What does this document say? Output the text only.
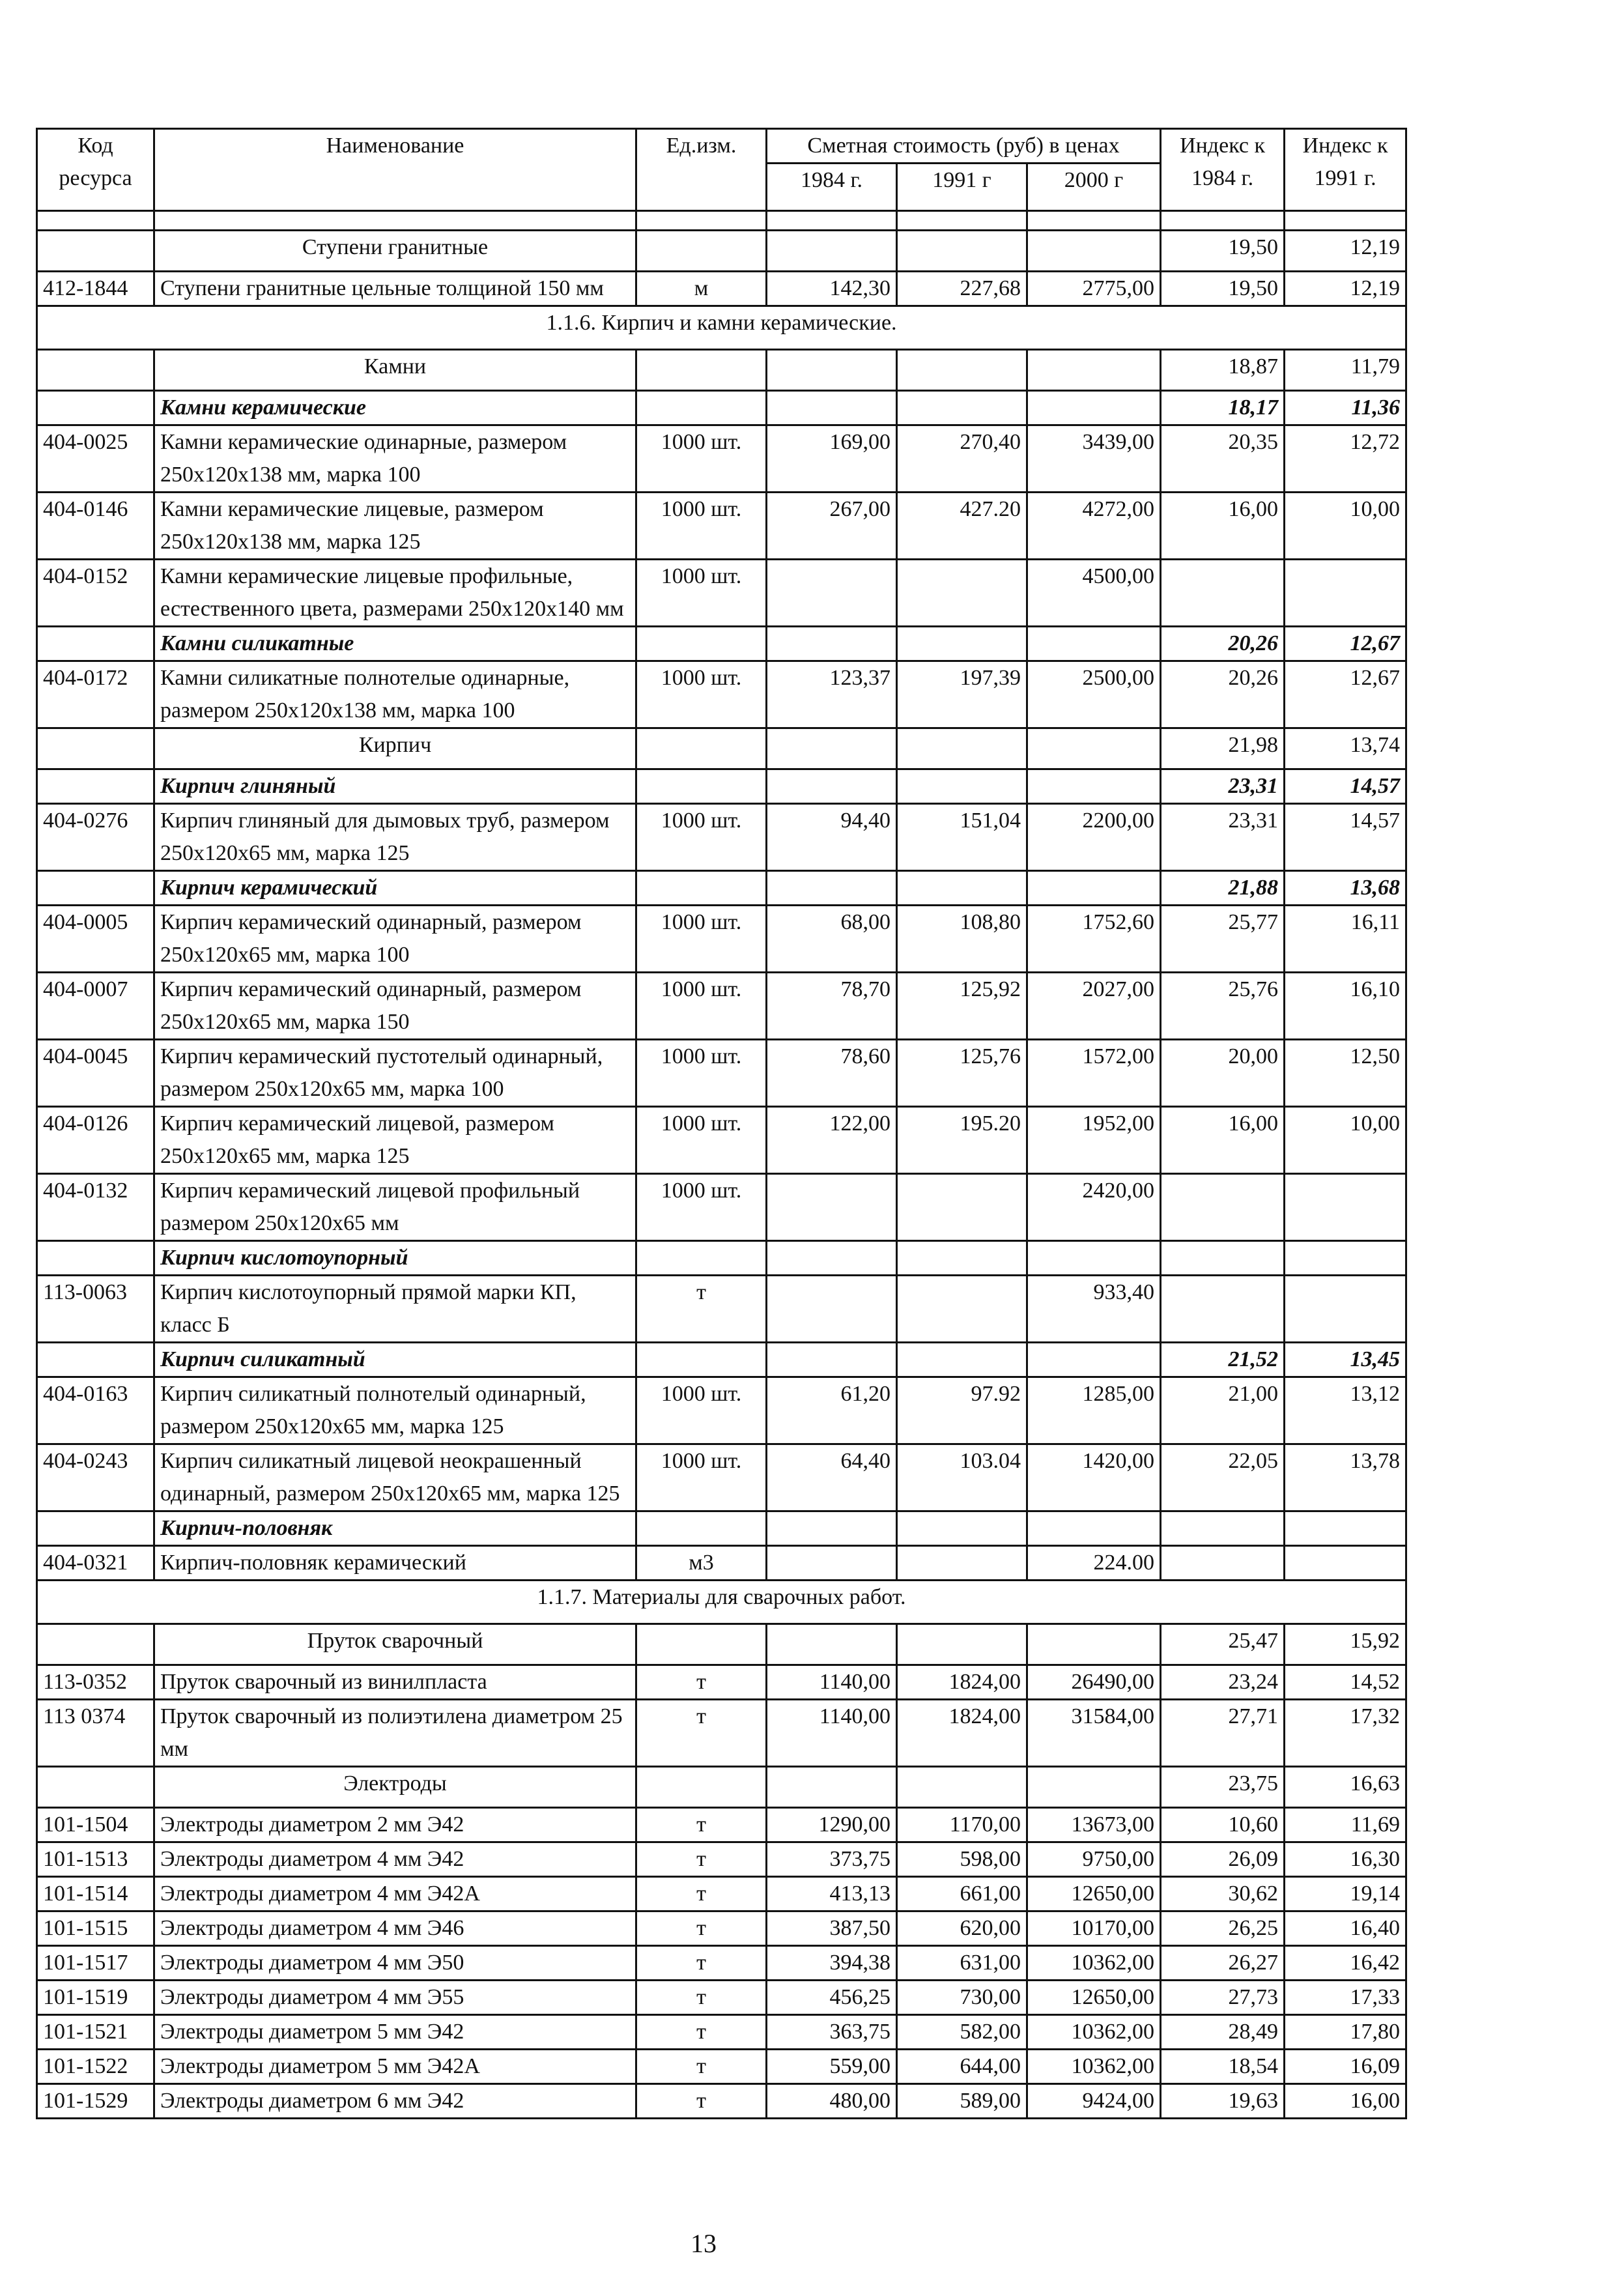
Код ресурса	Наименование	Ед.изм.	Сметная стоимость (руб) в ценах			Индекс к 1984 г.	Индекс к 1991 г.
			1984 г.	1991 г	2000 г		

	Ступени гранитные					19,50	12,19
412-1844	Ступени гранитные цельные толщиной 150 мм	м	142,30	227,68	2775,00	19,50	12,19
1.1.6. Кирпич и камни керамические.							
	Камни					18,87	11,79
	Камни керамические					18,17	11,36
404-0025	Камни керамические одинарные, размером 250х120х138 мм, марка 100	1000 шт.	169,00	270,40	3439,00	20,35	12,72
404-0146	Камни керамические лицевые, размером 250х120х138 мм, марка 125	1000 шт.	267,00	427.20	4272,00	16,00	10,00
404-0152	Камни керамические лицевые профильные, естественного цвета, размерами 250х120х140 мм	1000 шт.			4500,00		
	Камни силикатные					20,26	12,67
404-0172	Камни силикатные полнотелые одинарные, размером 250х120х138 мм, марка 100	1000 шт.	123,37	197,39	2500,00	20,26	12,67
	Кирпич					21,98	13,74
	Кирпич глиняный					23,31	14,57
404-0276	Кирпич глиняный для дымовых труб, размером 250х120х65 мм, марка 125	1000 шт.	94,40	151,04	2200,00	23,31	14,57
	Кирпич керамический					21,88	13,68
404-0005	Кирпич керамический одинарный, размером 250х120х65 мм, марка 100	1000 шт.	68,00	108,80	1752,60	25,77	16,11
404-0007	Кирпич керамический одинарный, размером 250х120х65 мм, марка 150	1000 шт.	78,70	125,92	2027,00	25,76	16,10
404-0045	Кирпич керамический пустотелый одинарный, размером 250х120х65 мм, марка 100	1000 шт.	78,60	125,76	1572,00	20,00	12,50
404-0126	Кирпич керамический лицевой, размером 250х120х65 мм, марка 125	1000 шт.	122,00	195.20	1952,00	16,00	10,00
404-0132	Кирпич керамический лицевой профильный размером 250х120х65 мм	1000 шт.			2420,00		
	Кирпич кислотоупорный						
113-0063	Кирпич кислотоупорный прямой марки КП, класс Б	т			933,40		
	Кирпич силикатный					21,52	13,45
404-0163	Кирпич силикатный полнотелый одинарный, размером 250х120х65 мм, марка 125	1000 шт.	61,20	97.92	1285,00	21,00	13,12
404-0243	Кирпич силикатный лицевой неокрашенный одинарный, размером 250х120х65 мм, марка 125	1000 шт.	64,40	103.04	1420,00	22,05	13,78
	Кирпич-половняк						
404-0321	Кирпич-половняк керамический	м3			224.00		
1.1.7. Материалы для сварочных работ.							
	Пруток сварочный					25,47	15,92
113-0352	Пруток сварочный из винилпласта	т	1140,00	1824,00	26490,00	23,24	14,52
113 0374	Пруток сварочный из полиэтилена диаметром 25 мм	т	1140,00	1824,00	31584,00	27,71	17,32
	Электроды					23,75	16,63
101-1504	Электроды диаметром 2 мм Э42	т	1290,00	1170,00	13673,00	10,60	11,69
101-1513	Электроды диаметром 4 мм Э42	т	373,75	598,00	9750,00	26,09	16,30
101-1514	Электроды диаметром 4 мм Э42А	т	413,13	661,00	12650,00	30,62	19,14
101-1515	Электроды диаметром 4 мм Э46	т	387,50	620,00	10170,00	26,25	16,40
101-1517	Электроды диаметром 4 мм Э50	т	394,38	631,00	10362,00	26,27	16,42
101-1519	Электроды диаметром 4 мм Э55	т	456,25	730,00	12650,00	27,73	17,33
101-1521	Электроды диаметром 5 мм Э42	т	363,75	582,00	10362,00	28,49	17,80
101-1522	Электроды диаметром 5 мм Э42А	т	559,00	644,00	10362,00	18,54	16,09
101-1529	Электроды диаметром 6 мм Э42	т	480,00	589,00	9424,00	19,63	16,00
13
